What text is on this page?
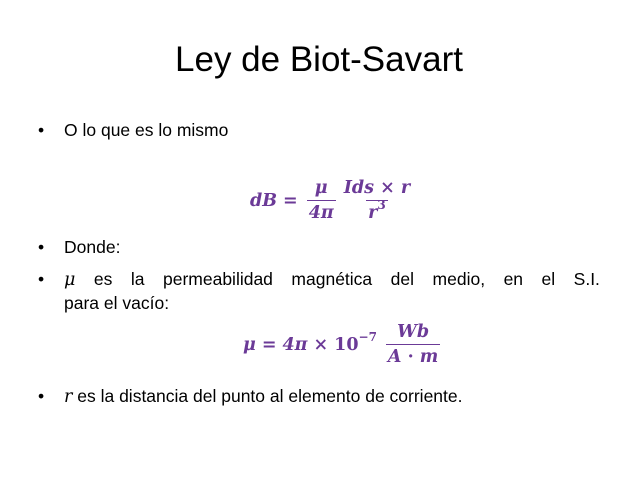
Ley de Biot-Savart
• O lo que es lo mismo
dB = $\frac{\mu}{4\pi} \frac{\text{Ids × r}}{r^3}$
• Donde:
•	μ es la permeabilidad magnética del medio, en el S.I.
para el vacío:
$\mu = 4\pi \times 10^{-7} \frac{Wb}{A \cdot m}$
• r es la distancia del punto al elemento de corriente.
